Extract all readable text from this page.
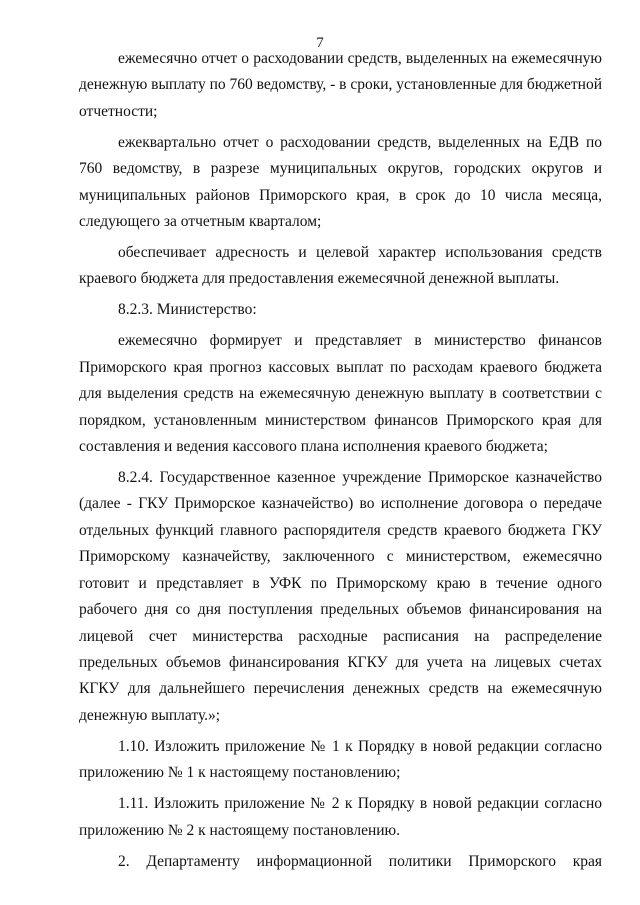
7

ежемесячно отчет о расходовании средств, выделенных на ежемесячную денежную выплату по 760 ведомству, - в сроки, установленные для бюджетной отчетности;

ежеквартально отчет о расходовании средств, выделенных на ЕДВ по 760 ведомству, в разрезе муниципальных округов, городских округов и муниципальных районов Приморского края, в срок до 10 числа месяца, следующего за отчетным кварталом;

обеспечивает адресность и целевой характер использования средств краевого бюджета для предоставления ежемесячной денежной выплаты.

8.2.3. Министерство:

ежемесячно формирует и представляет в министерство финансов Приморского края прогноз кассовых выплат по расходам краевого бюджета для выделения средств на ежемесячную денежную выплату в соответствии с порядком, установленным министерством финансов Приморского края для составления и ведения кассового плана исполнения краевого бюджета;

8.2.4. Государственное казенное учреждение Приморское казначейство (далее - ГКУ Приморское казначейство) во исполнение договора о передаче отдельных функций главного распорядителя средств краевого бюджета ГКУ Приморскому казначейству, заключенного с министерством, ежемесячно готовит и представляет в УФК по Приморскому краю в течение одного рабочего дня со дня поступления предельных объемов финансирования на лицевой счет министерства расходные расписания на распределение предельных объемов финансирования КГКУ для учета на лицевых счетах КГКУ для дальнейшего перечисления денежных средств на ежемесячную денежную выплату.»;

1.10. Изложить приложение № 1 к Порядку в новой редакции согласно приложению № 1 к настоящему постановлению;

1.11. Изложить приложение № 2 к Порядку в новой редакции согласно приложению № 2 к настоящему постановлению.

2. Департаменту информационной политики Приморского края
